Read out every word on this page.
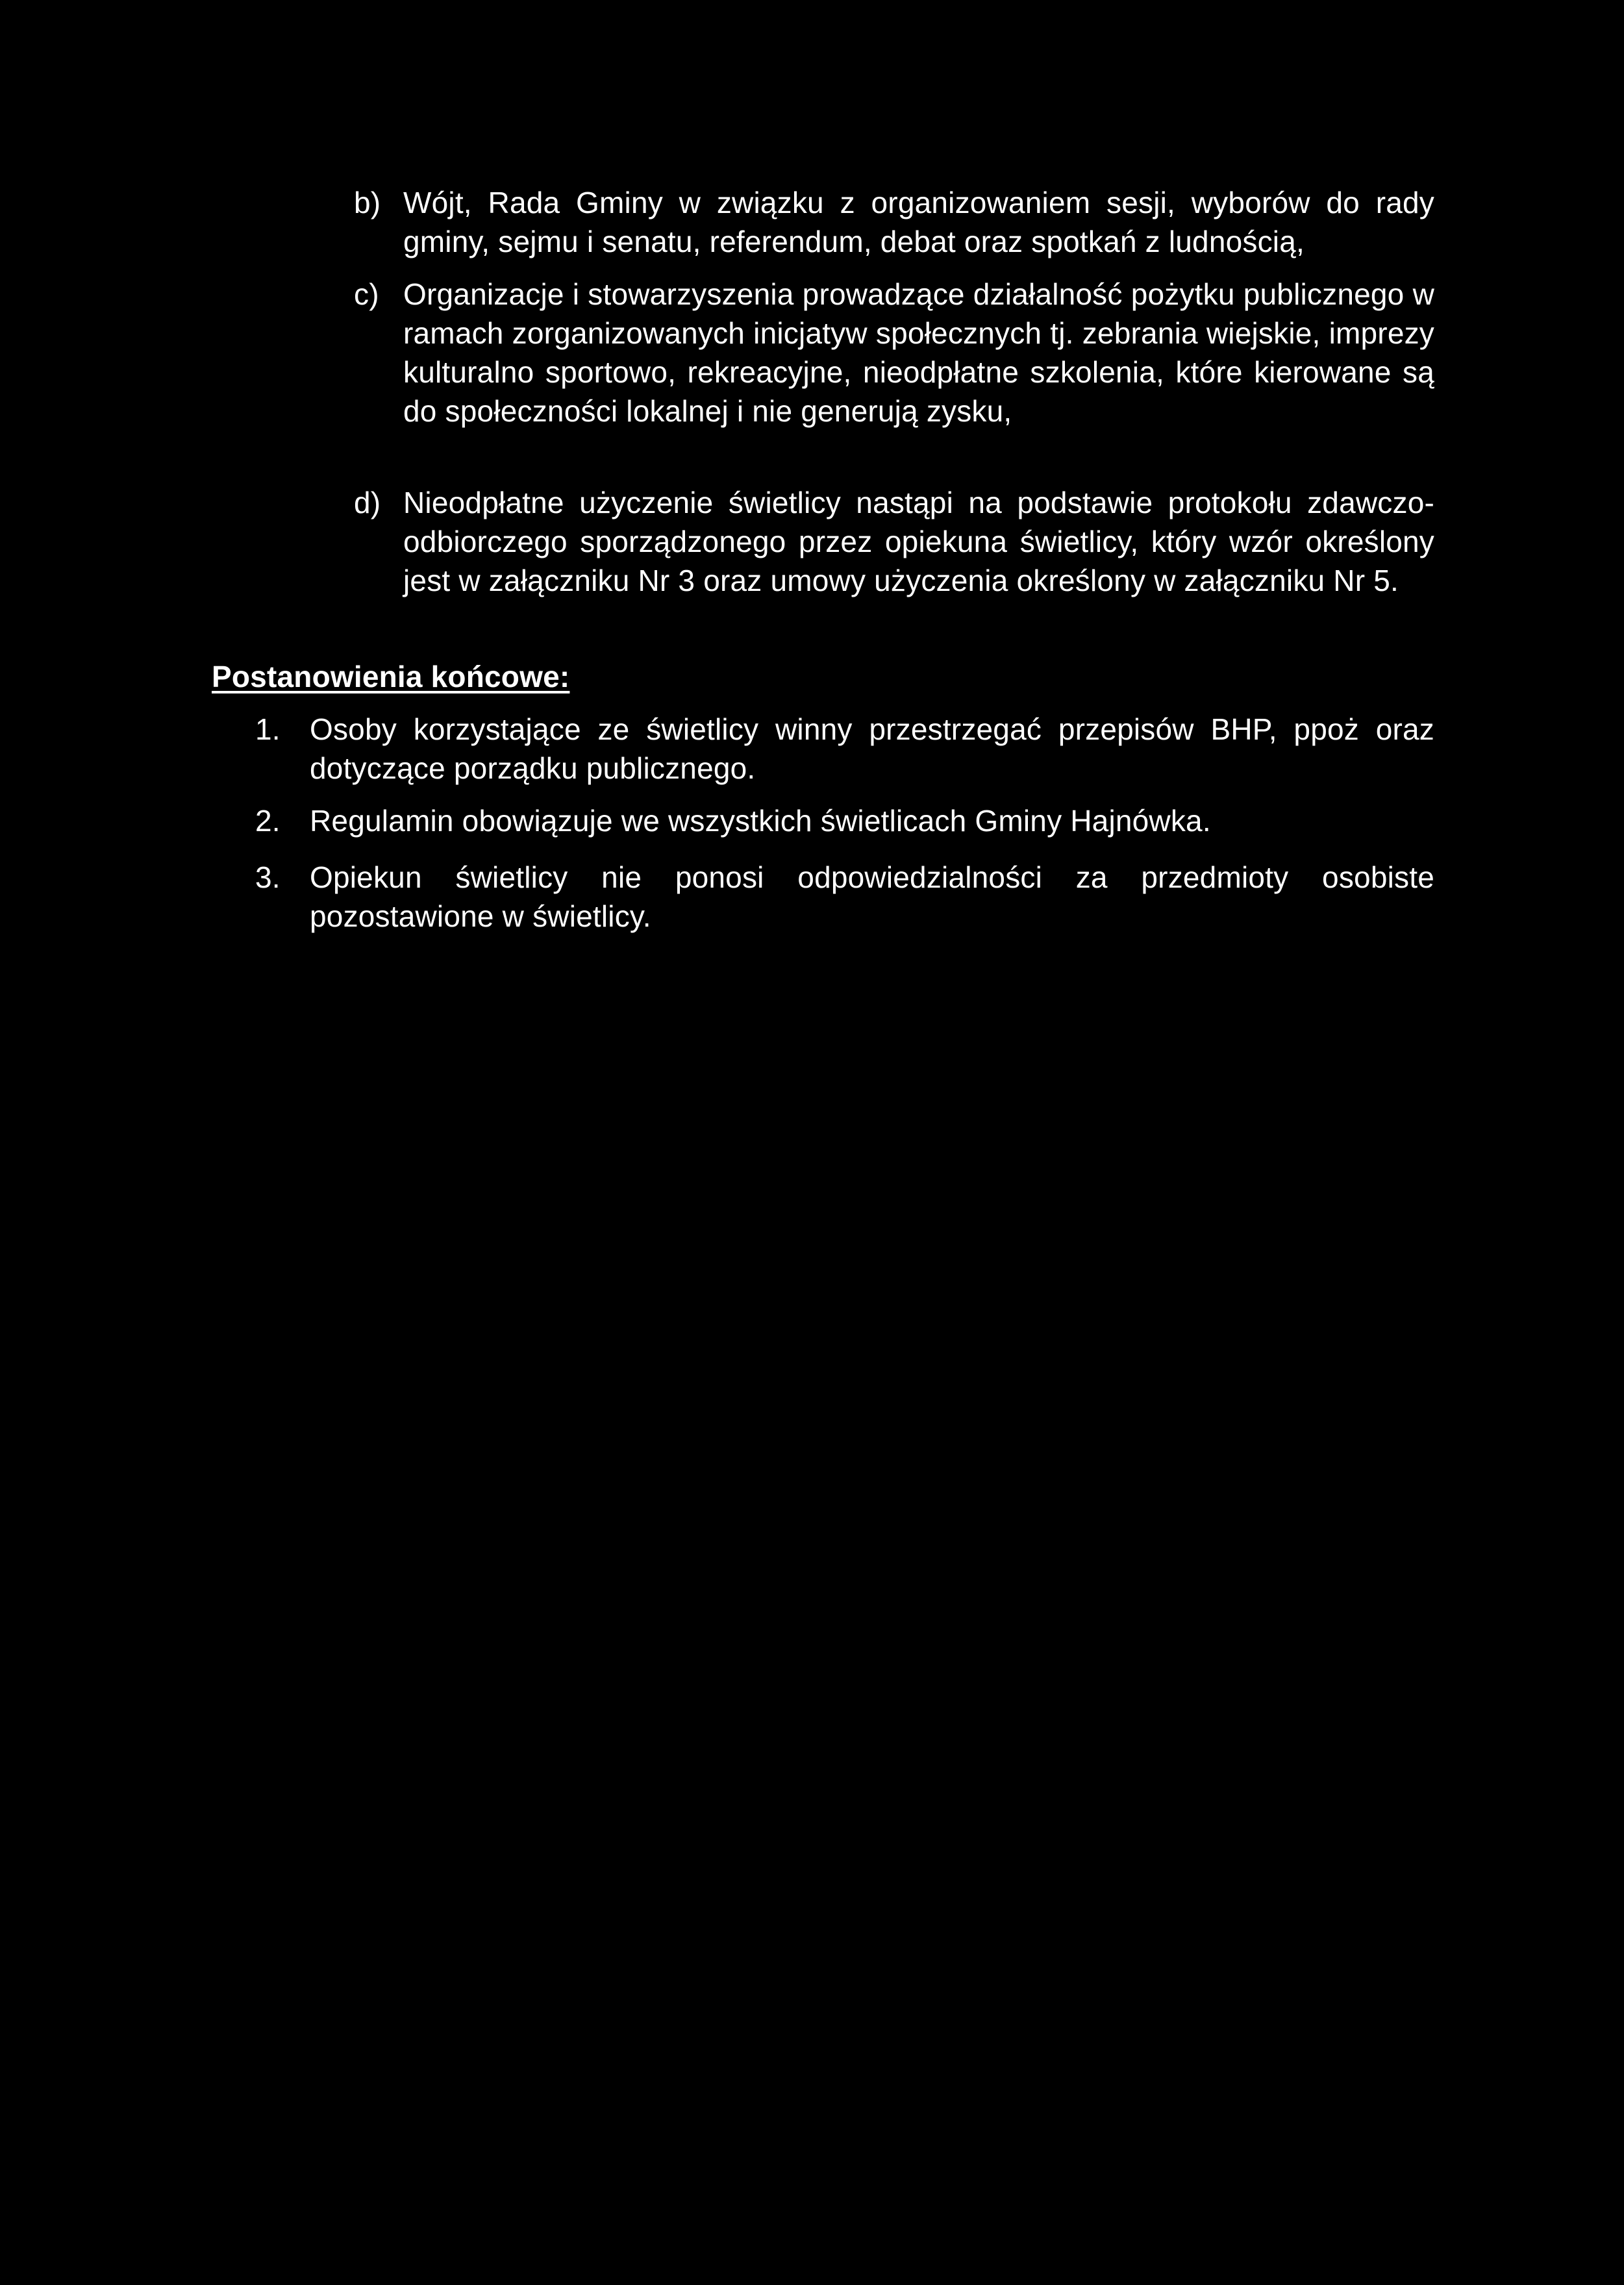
b) Wójt, Rada Gminy w związku z organizowaniem sesji, wyborów do rady gminy, sejmu i senatu, referendum, debat oraz spotkań z ludnością,
c) Organizacje i stowarzyszenia prowadzące działalność pożytku publicznego w ramach zorganizowanych inicjatyw społecznych tj. zebrania wiejskie, imprezy kulturalno sportowo, rekreacyjne, nieodpłatne szkolenia, które kierowane są do społeczności lokalnej i nie generują zysku,
d) Nieodpłatne użyczenie świetlicy nastąpi na podstawie protokołu zdawczo-odbiorczego sporządzonego przez opiekuna świetlicy, który wzór określony jest w załączniku Nr 3 oraz umowy użyczenia określony w załączniku Nr 5.
Postanowienia końcowe:
1. Osoby korzystające ze świetlicy winny przestrzegać przepisów BHP, ppoż oraz dotyczące porządku publicznego.
2. Regulamin obowiązuje we wszystkich świetlicach Gminy Hajnówka.
3. Opiekun świetlicy nie ponosi odpowiedzialności za przedmioty osobiste pozostawione w świetlicy.
